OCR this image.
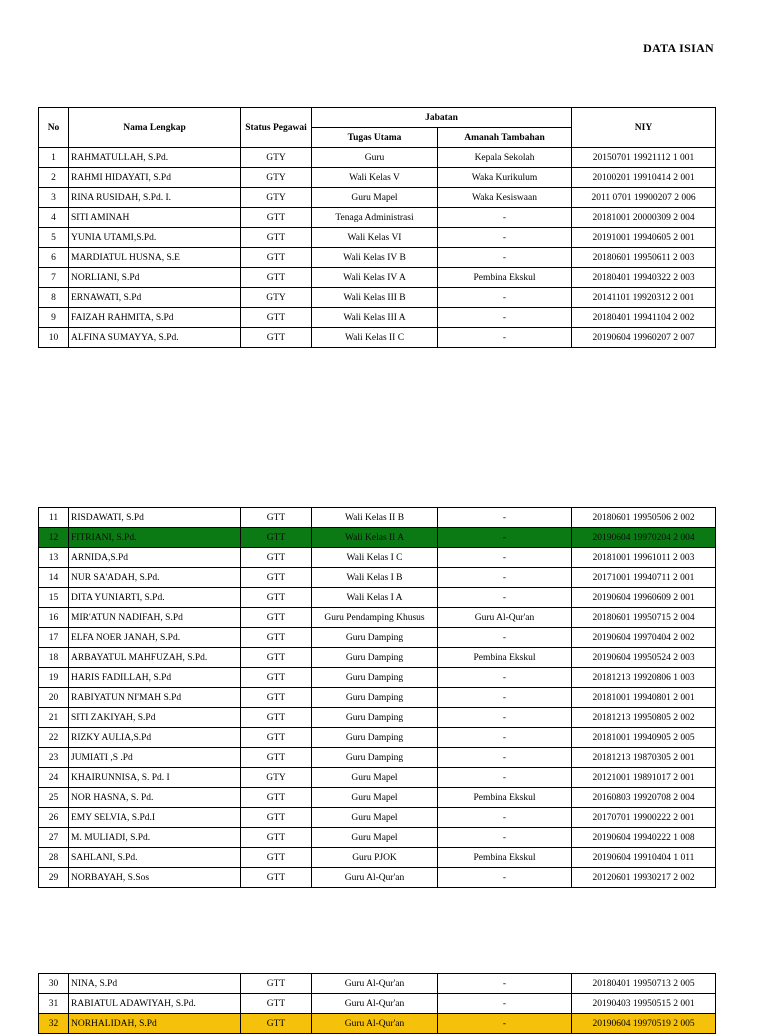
DATA ISIAN
No	Nama Lengkap	Status Pegawai	Jabatan		NIY
			Tugas Utama	Amanah Tambahan	
1	RAHMATULLAH, S.Pd.	GTY	Guru	Kepala Sekolah	20150701 19921112 1 001
2	RAHMI HIDAYATI, S.Pd	GTY	Wali Kelas V	Waka Kurikulum	20100201 19910414 2 001
3	RINA RUSIDAH, S.Pd. I.	GTY	Guru Mapel	Waka Kesiswaan	2011 0701 19900207 2 006
4	SITI AMINAH	GTT	Tenaga Administrasi	-	20181001 20000309 2 004
5	YUNIA UTAMI,S.Pd.	GTT	Wali Kelas VI	-	20191001 19940605 2 001
6	MARDIATUL HUSNA, S.E	GTT	Wali Kelas IV B	-	20180601 19950611 2 003
7	NORLIANI, S.Pd	GTT	Wali Kelas IV A	Pembina Ekskul	20180401 19940322 2 003
8	ERNAWATI, S.Pd	GTY	Wali Kelas III B	-	20141101 19920312 2 001
9	FAIZAH RAHMITA, S.Pd	GTT	Wali Kelas III A	-	20180401 19941104 2 002
10	ALFINA SUMAYYA, S.Pd.	GTT	Wali Kelas II C	-	20190604 19960207 2 007
11	RISDAWATI, S.Pd	GTT	Wali Kelas II B	-	20180601 19950506 2 002
12	FITRIANI, S.Pd.	GTT	Wali Kelas II A	-	20190604 19970204 2 004
13	ARNIDA,S.Pd	GTT	Wali Kelas I C	-	20181001 19961011 2 003
14	NUR SA'ADAH, S.Pd.	GTT	Wali Kelas I B	-	20171001 19940711 2 001
15	DITA YUNIARTI, S.Pd.	GTT	Wali Kelas I A	-	20190604 19960609 2 001
16	MIR'ATUN NADIFAH, S.Pd	GTT	Guru Pendamping Khusus	Guru Al-Qur'an	20180601 19950715 2 004
17	ELFA NOER JANAH, S.Pd.	GTT	Guru Damping	-	20190604 19970404 2 002
18	ARBAYATUL MAHFUZAH, S.Pd.	GTT	Guru Damping	Pembina Ekskul	20190604 19950524 2 003
19	HARIS FADILLAH, S.Pd	GTT	Guru Damping	-	20181213 19920806 1 003
20	RABIYATUN NI'MAH S.Pd	GTT	Guru Damping	-	20181001 19940801 2 001
21	SITI ZAKIYAH, S.Pd	GTT	Guru Damping	-	20181213 19950805 2 002
22	RIZKY AULIA,S.Pd	GTT	Guru Damping	-	20181001 19940905 2 005
23	JUMIATI ,S .Pd	GTT	Guru Damping	-	20181213 19870305 2 001
24	KHAIRUNNISA, S. Pd. I	GTY	Guru Mapel	-	20121001 19891017 2 001
25	NOR HASNA, S. Pd.	GTT	Guru Mapel	Pembina Ekskul	20160803 19920708 2 004
26	EMY SELVIA, S.Pd.I	GTT	Guru Mapel	-	20170701 19900222 2 001
27	M. MULIADI, S.Pd.	GTT	Guru Mapel	-	20190604 19940222 1 008
28	SAHLANI, S.Pd.	GTT	Guru PJOK	Pembina Ekskul	20190604 19910404 1 011
29	NORBAYAH, S.Sos	GTT	Guru Al-Qur'an	-	20120601 19930217 2 002
30	NINA, S.Pd	GTT	Guru Al-Qur'an	-	20180401 19950713 2 005
31	RABIATUL ADAWIYAH, S.Pd.	GTT	Guru Al-Qur'an	-	20190403 19950515 2 001
32	NORHALIDAH, S.Pd	GTT	Guru Al-Qur'an	-	20190604 19970519 2 005
